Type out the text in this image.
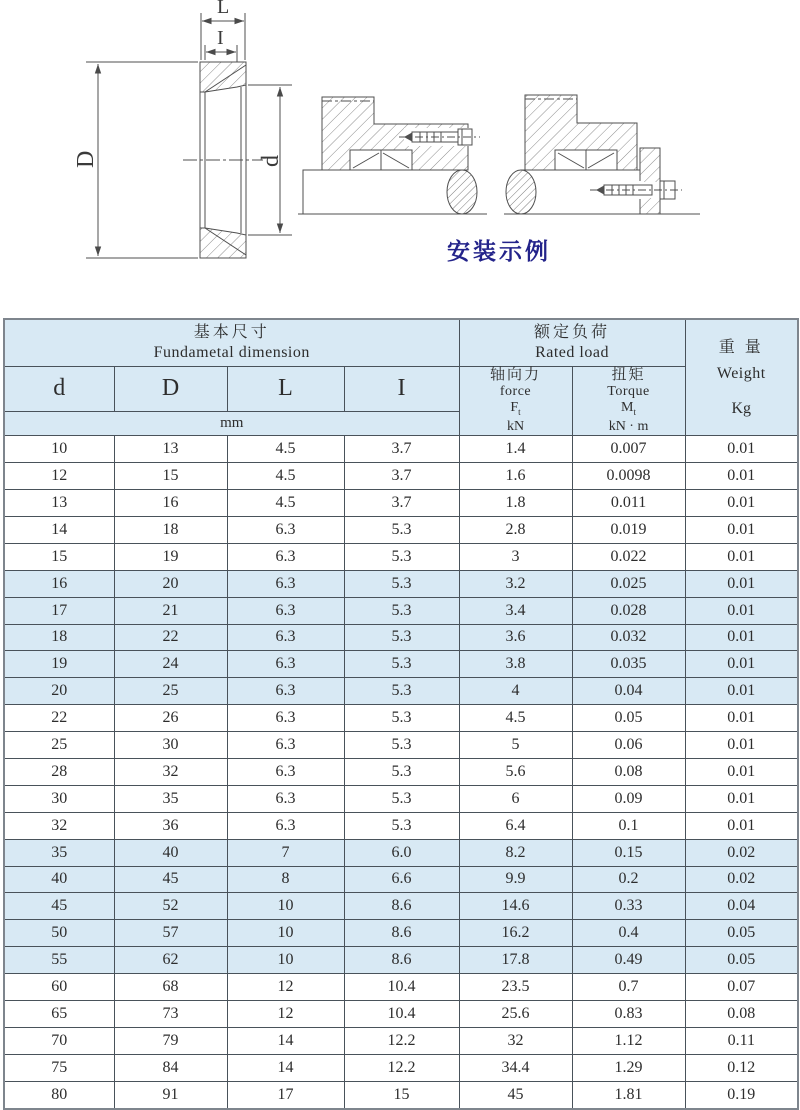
L
I
D	d
安装示例
基本尺寸
Fundametal dimension

额定负荷
Rated load	重 量
Weight
Kg

d	D	L	I	
轴向力
force
$F_t$
kN

扭矩
Torque
$M_t$
kN · m

mm						
10	13	4.5	3.7	1.4	0.007	0.01
12	15	4.5	3.7	1.6	0.0098	0.01
13	16	4.5	3.7	1.8	0.011	0.01
14	18	6.3	5.3	2.8	0.019	0.01
15	19	6.3	5.3	3	0.022	0.01
16	20	6.3	5.3	3.2	0.025	0.01
17	21	6.3	5.3	3.4	0.028	0.01
18	22	6.3	5.3	3.6	0.032	0.01
19	24	6.3	5.3	3.8	0.035	0.01
20	25	6.3	5.3	4	0.04	0.01
22	26	6.3	5.3	4.5	0.05	0.01
25	30	6.3	5.3	5	0.06	0.01
28	32	6.3	5.3	5.6	0.08	0.01
30	35	6.3	5.3	6	0.09	0.01
32	36	6.3	5.3	6.4	0.1	0.01
35	40	7	6.0	8.2	0.15	0.02
40	45	8	6.6	9.9	0.2	0.02
45	52	10	8.6	14.6	0.33	0.04
50	57	10	8.6	16.2	0.4	0.05
55	62	10	8.6	17.8	0.49	0.05
60	68	12	10.4	23.5	0.7	0.07
65	73	12	10.4	25.6	0.83	0.08
70	79	14	12.2	32	1.12	0.11
75	84	14	12.2	34.4	1.29	0.12
80	91	17	15	45	1.81	0.19
